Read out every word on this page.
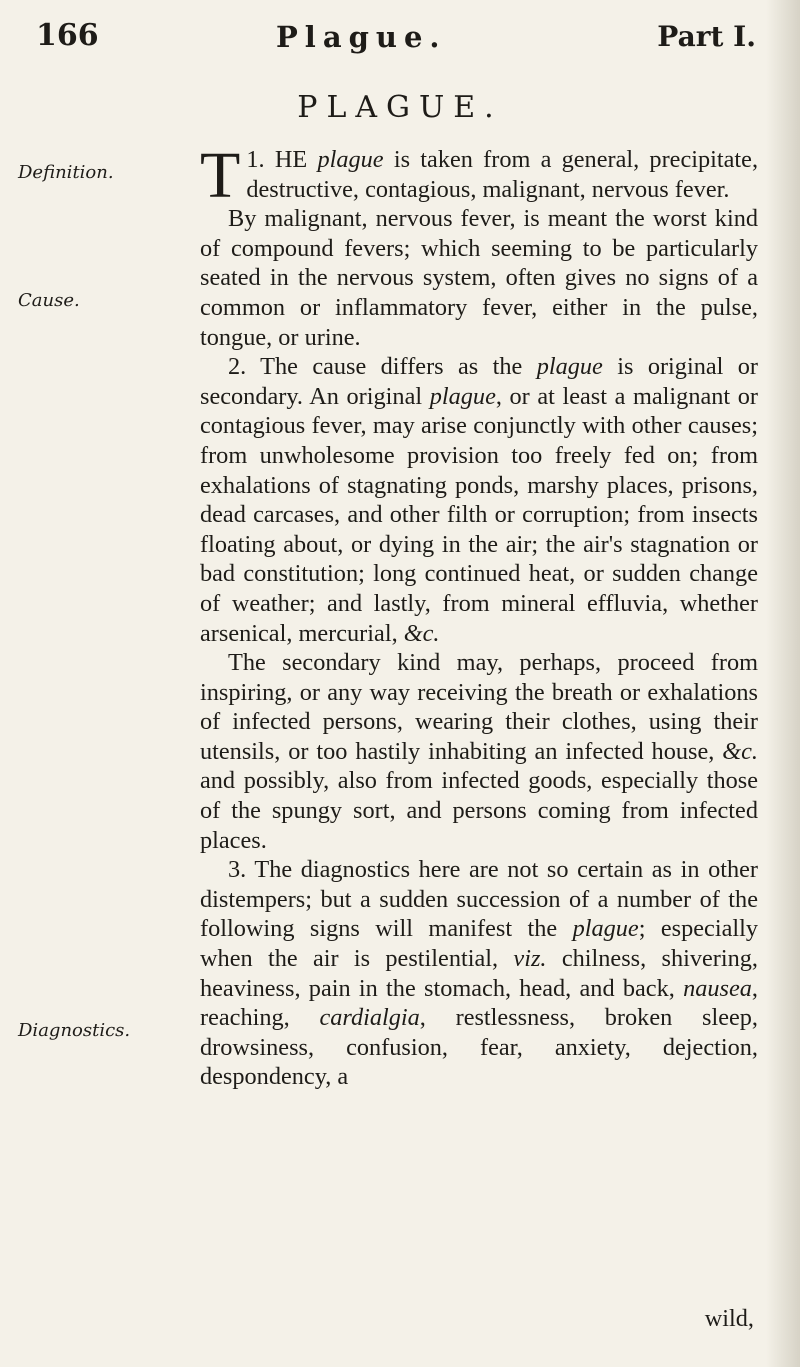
166	Plague.	Part I.
PLAGUE.
Definition.
Cause.
Diagnostics.

1.
T HE plague is taken from a general, precipitate, destructive, contagious, malignant, nervous fever.

By malignant, nervous fever, is meant the worst kind of compound fevers; which seeming to be particularly seated in the nervous system, often gives no signs of a common or inflammatory fever, either in the pulse, tongue, or urine.

2. The cause differs as the plague is original or secondary. An original plague, or at least a malignant or contagious fever, may arise conjunctly with other causes; from unwholesome provision too freely fed on; from exhalations of stagnating ponds, marshy places, prisons, dead carcases, and other filth or corruption; from insects floating about, or dying in the air; the air's stagnation or bad constitution; long continued heat, or sudden change of weather; and lastly, from mineral effluvia, whether arsenical, mercurial, &c.

The secondary kind may, perhaps, proceed from inspiring, or any way receiving the breath or exhalations of infected persons, wearing their clothes, using their utensils, or too hastily inhabiting an infected house, &c. and possibly, also from infected goods, especially those of the spungy sort, and persons coming from infected places.

3. The diagnostics here are not so certain as in other distempers; but a sudden succession of a number of the following signs will manifest the plague; especially when the air is pestilential, viz. chilness, shivering, heaviness, pain in the stomach, head, and back, nausea, reaching, cardialgia, restlessness, broken sleep, drowsiness, confusion, fear, anxiety, dejection, despondency, a

wild,
